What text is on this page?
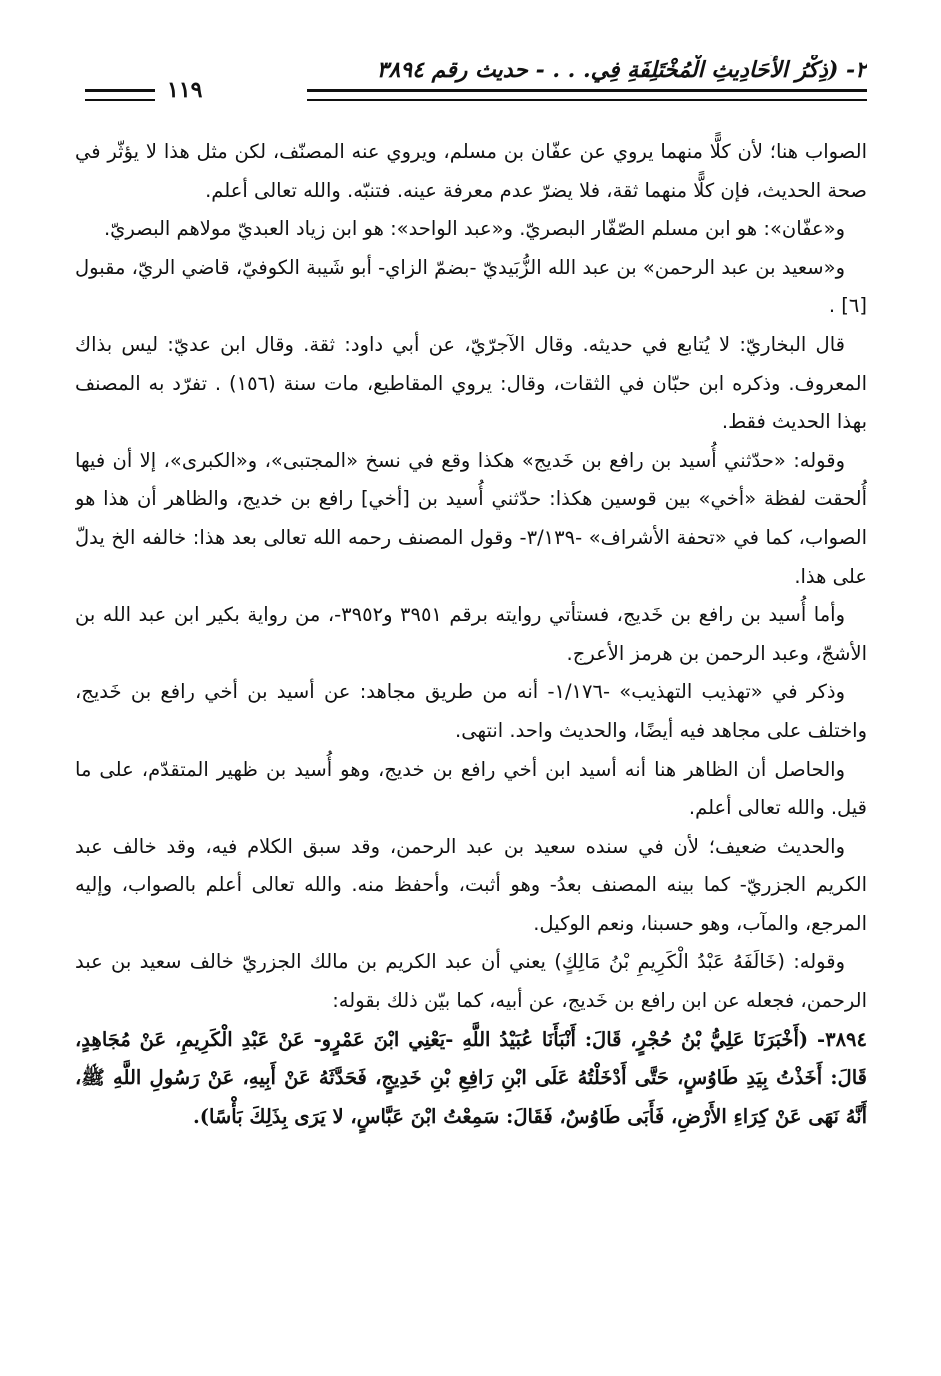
٢- (ذِكْرُ الأَحَادِيثِ الْمُخْتَلِفَةِ فِي. . . - حديث رقم ٣٨٩٤
١١٩

الصواب هنا؛ لأن كلًّا منهما يروي عن عفّان بن مسلم، ويروي عنه المصنّف، لكن مثل هذا لا يؤثّر في صحة الحديث، فإن كلًّا منهما ثقة، فلا يضرّ عدم معرفة عينه. فتنبّه. والله تعالى أعلم.

و«عفّان»: هو ابن مسلم الصّفّار البصريّ. و«عبد الواحد»: هو ابن زياد العبديّ مولاهم البصريّ.

و«سعيد بن عبد الرحمن» بن عبد الله الزُّبَيديّ -بضمّ الزاي- أبو شَيبة الكوفيّ، قاضي الريّ، مقبول [٦] .

قال البخاريّ: لا يُتابع في حديثه. وقال الآجرّيّ، عن أبي داود: ثقة. وقال ابن عديّ: ليس بذاك المعروف. وذكره ابن حبّان في الثقات، وقال: يروي المقاطيع، مات سنة (١٥٦) . تفرّد به المصنف بهذا الحديث فقط.

وقوله: «حدّثني أُسيد بن رافع بن خَديج» هكذا وقع في نسخ «المجتبى»، و«الكبرى»، إلا أن فيها أُلحقت لفظة «أخي» بين قوسين هكذا: حدّثني أُسيد بن [أخي] رافع بن خديج، والظاهر أن هذا هو الصواب، كما في «تحفة الأشراف» -٣/١٣٩- وقول المصنف رحمه الله تعالى بعد هذا: خالفه الخ يدلّ على هذا.

وأما أُسيد بن رافع بن خَديج، فستأتي روايته برقم ٣٩٥١ و٣٩٥٢-، من رواية بكير ابن عبد الله بن الأشجّ، وعبد الرحمن بن هرمز الأعرج.

وذكر في «تهذيب التهذيب» -١/١٧٦- أنه من طريق مجاهد: عن أسيد بن أخي رافع بن خَديج، واختلف على مجاهد فيه أيضًا، والحديث واحد. انتهى.

والحاصل أن الظاهر هنا أنه أسيد ابن أخي رافع بن خديج، وهو أُسيد بن ظهير المتقدّم، على ما قيل. والله تعالى أعلم.

والحديث ضعيف؛ لأن في سنده سعيد بن عبد الرحمن، وقد سبق الكلام فيه، وقد خالف عبد الكريم الجزريّ- كما بينه المصنف بعدُ- وهو أثبت، وأحفظ منه. والله تعالى أعلم بالصواب، وإليه المرجع، والمآب، وهو حسبنا، ونعم الوكيل.

وقوله: (خَالَفَهُ عَبْدُ الْكَرِيمِ بْنُ مَالِكٍ) يعني أن عبد الكريم بن مالك الجزريّ خالف سعيد بن عبد الرحمن، فجعله عن ابن رافع بن خَديج، عن أبيه، كما بيّن ذلك بقوله:

٣٨٩٤- (أَخْبَرَنَا عَلِيُّ بْنُ حُجْرٍ، قَالَ: أَنْبَأَنَا عُبَيْدُ اللَّهِ -يَعْنِي ابْنَ عَمْرٍو- عَنْ عَبْدِ الْكَرِيمِ، عَنْ مُجَاهِدٍ، قَالَ: أَخَذْتُ بِيَدِ طَاوُسٍ، حَتَّى أَدْخَلْتُهُ عَلَى ابْنِ رَافِعِ بْنِ خَدِيجٍ، فَحَدَّثَهُ عَنْ أَبِيهِ، عَنْ رَسُولِ اللَّهِ ﷺ، أَنَّهُ نَهَى عَنْ كِرَاءِ الأَرْضِ، فَأَبَى طَاوُسٌ، فَقَالَ: سَمِعْتُ ابْنَ عَبَّاسٍ، لا يَرَى بِذَلِكَ بَأْسًا).
